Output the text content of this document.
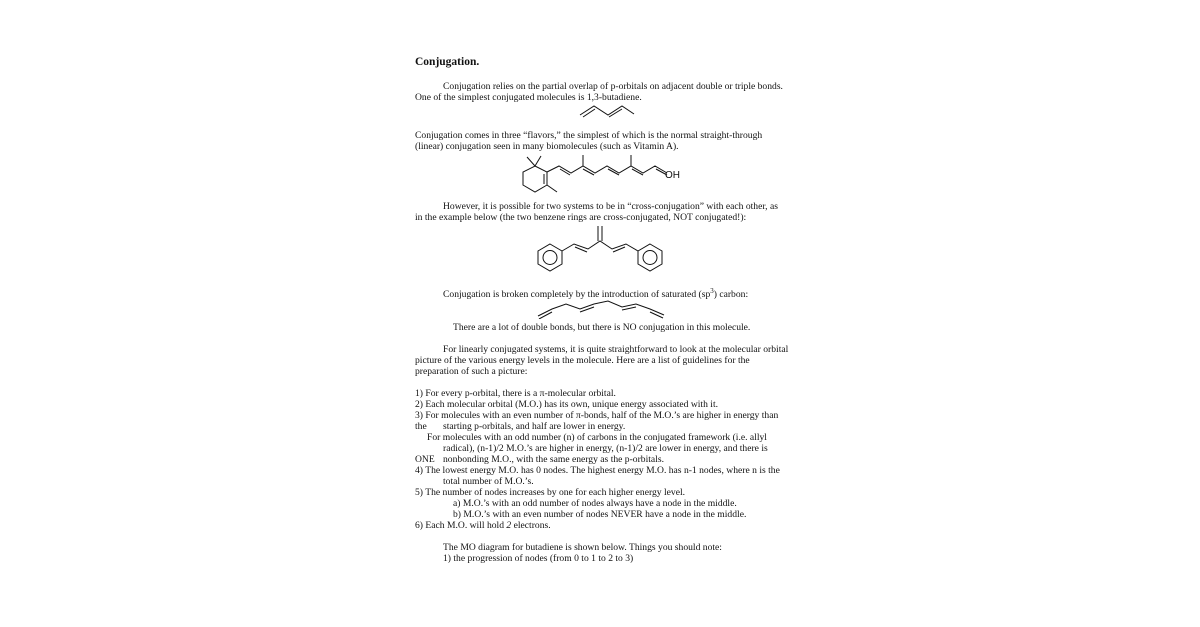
Conjugation.
Conjugation relies on the partial overlap of p-orbitals on adjacent double or triple bonds.
One of the simplest conjugated molecules is 1,3-butadiene.
Conjugation comes in three “flavors,” the simplest of which is the normal straight-through
(linear) conjugation seen in many biomolecules (such as Vitamin A).
OH
However, it is possible for two systems to be in “cross-conjugation” with each other, as
in the example below (the two benzene rings are cross-conjugated, NOT conjugated!):
Conjugation is broken completely by the introduction of saturated $(sp^3)$ carbon:
There are a lot of double bonds, but there is NO conjugation in this molecule.
For linearly conjugated systems, it is quite straightforward to look at the molecular orbital
picture of the various energy levels in the molecule. Here are a list of guidelines for the
preparation of such a picture:
1) For every p-orbital, there is a π-molecular orbital.
2) Each molecular orbital (M.O.) has its own, unique energy associated with it.
3) For molecules with an even number of π-bonds, half of the M.O.’s are higher in energy than
the starting p-orbitals, and half are lower in energy.
For molecules with an odd number (n) of carbons in the conjugated framework (i.e. allyl
radical), (n-1)/2 M.O.’s are higher in energy, (n-1)/2 are lower in energy, and there is
ONE nonbonding M.O., with the same energy as the p-orbitals.
4) The lowest energy M.O. has 0 nodes. The highest energy M.O. has n-1 nodes, where n is the
total number of M.O.’s.
5) The number of nodes increases by one for each higher energy level.
a) M.O.’s with an odd number of nodes always have a node in the middle.
b) M.O.’s with an even number of nodes NEVER have a node in the middle.
6) Each M.O. will hold 2 electrons.
The MO diagram for butadiene is shown below. Things you should note:
1) the progression of nodes (from 0 to 1 to 2 to 3)
